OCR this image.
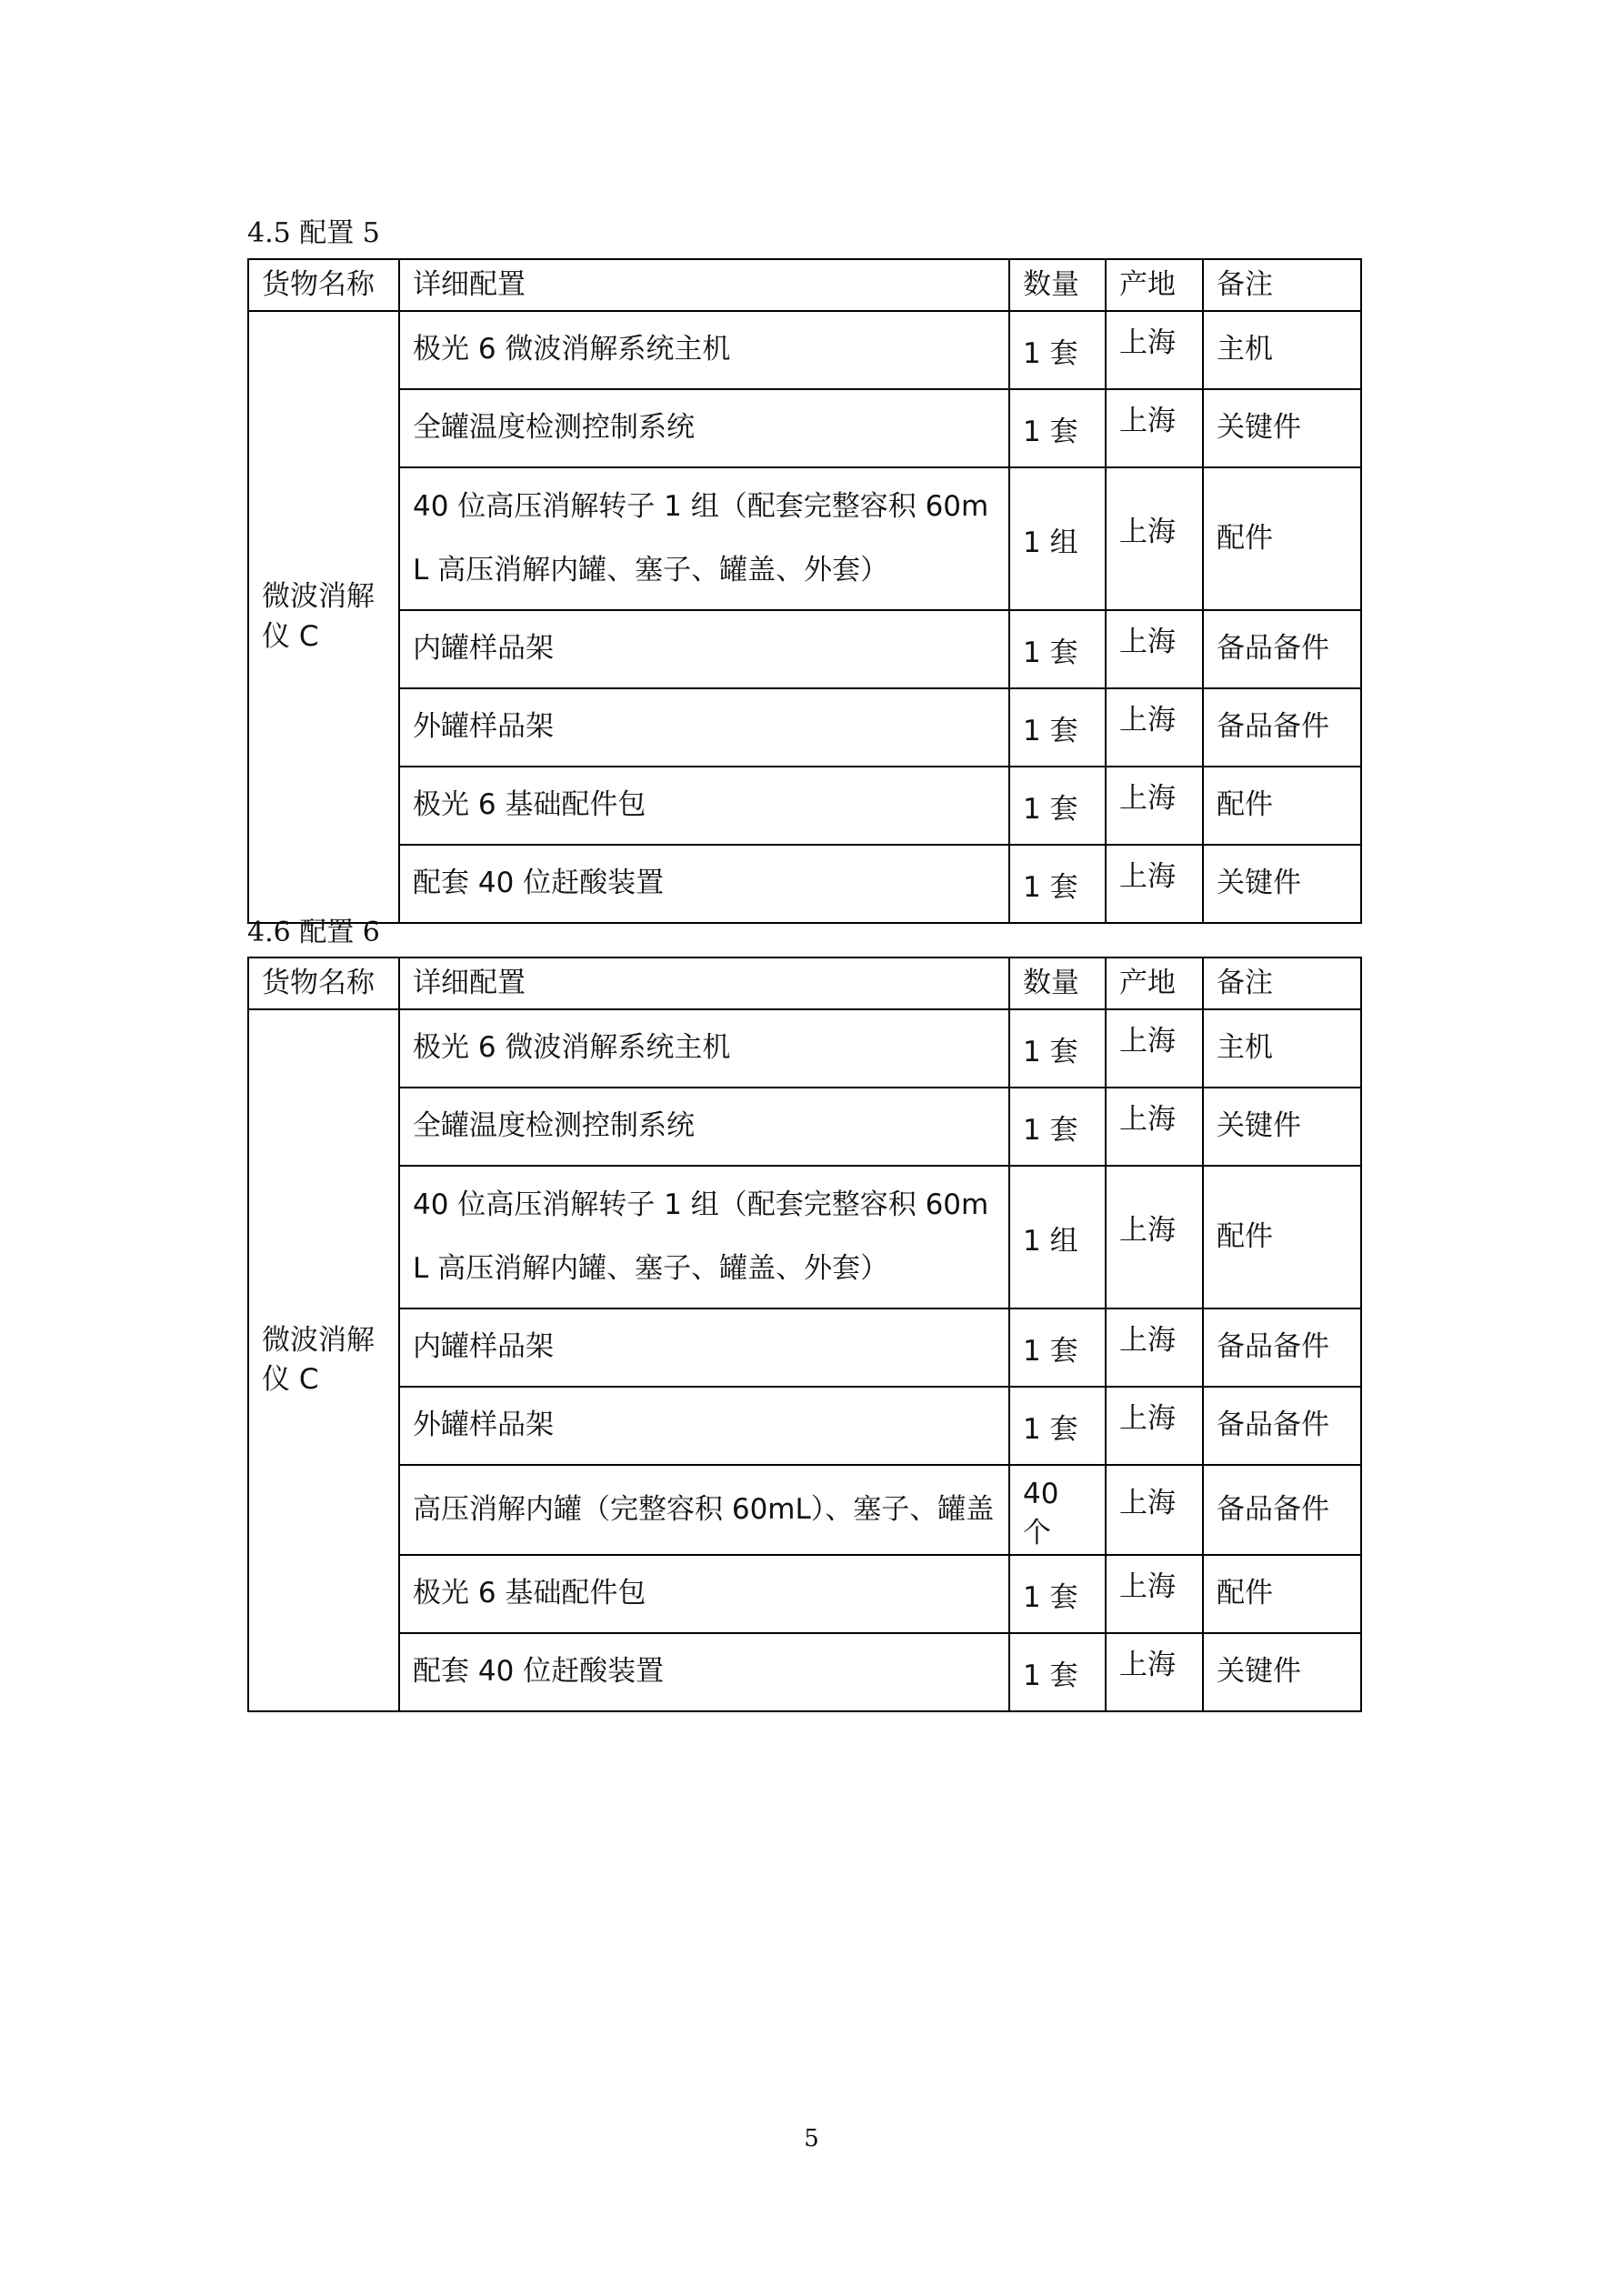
4.5 配置 5
货物名称	详细配置	数量	产地	备注
微波消解仪 C	极光 6 微波消解系统主机	1 套	上海	主机
	全罐温度检测控制系统	1 套	上海	关键件
	40 位高压消解转子 1 组（配套完整容积 60mL 高压消解内罐、塞子、罐盖、外套）	1 组	上海	配件
	内罐样品架	1 套	上海	备品备件
	外罐样品架	1 套	上海	备品备件
	极光 6 基础配件包	1 套	上海	配件
	配套 40 位赶酸装置	1 套	上海	关键件
4.6 配置 6
货物名称	详细配置	数量	产地	备注
微波消解仪 C	极光 6 微波消解系统主机	1 套	上海	主机
	全罐温度检测控制系统	1 套	上海	关键件
	40 位高压消解转子 1 组（配套完整容积 60mL 高压消解内罐、塞子、罐盖、外套）	1 组	上海	配件
	内罐样品架	1 套	上海	备品备件
	外罐样品架	1 套	上海	备品备件
	高压消解内罐（完整容积 60mL）、塞子、罐盖	40 个	上海	备品备件
	极光 6 基础配件包	1 套	上海	配件
	配套 40 位赶酸装置	1 套	上海	关键件
5
